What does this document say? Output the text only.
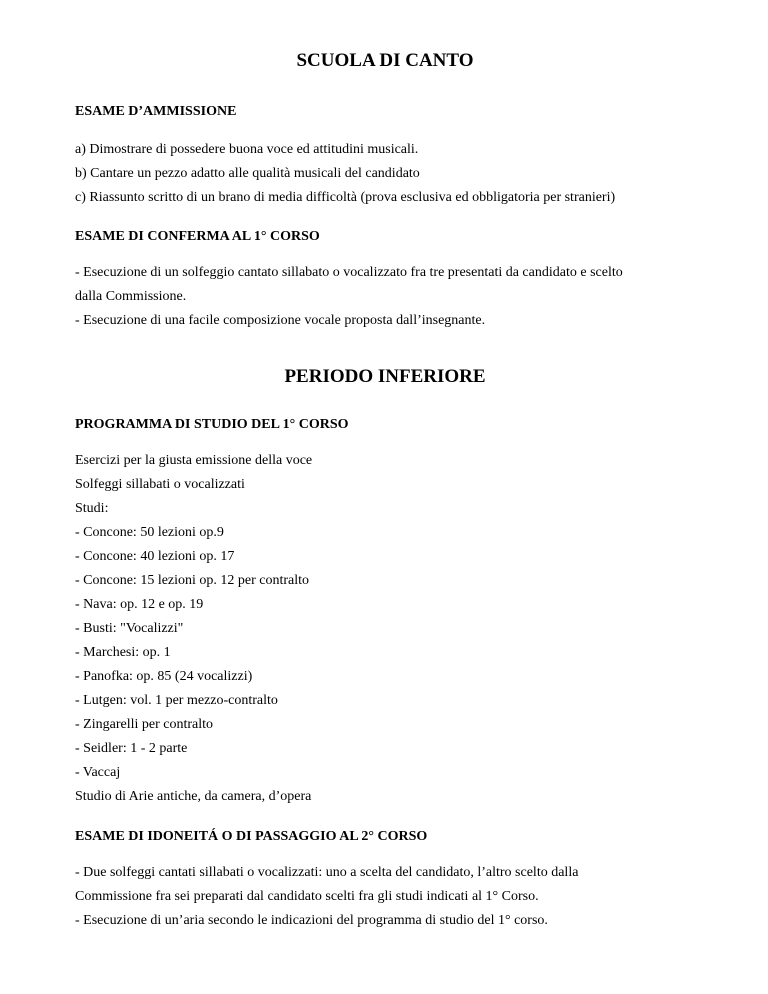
SCUOLA DI CANTO
ESAME D’AMMISSIONE
a) Dimostrare di possedere buona voce ed attitudini musicali.
b) Cantare un pezzo adatto alle qualità musicali del candidato
c) Riassunto scritto di un brano di media difficoltà (prova esclusiva ed obbligatoria per stranieri)
ESAME DI CONFERMA AL 1° CORSO
- Esecuzione di un solfeggio cantato sillabato o vocalizzato fra tre presentati da candidato e scelto
dalla Commissione.
- Esecuzione di una facile composizione vocale proposta dall’insegnante.
PERIODO INFERIORE
PROGRAMMA DI STUDIO DEL 1° CORSO
Esercizi per la giusta emissione della voce
Solfeggi sillabati o vocalizzati
Studi:
- Concone: 50 lezioni op.9
- Concone: 40 lezioni op. 17
- Concone: 15 lezioni op. 12 per contralto
- Nava: op. 12 e op. 19
- Busti: "Vocalizzi"
- Marchesi: op. 1
- Panofka: op. 85 (24 vocalizzi)
- Lutgen: vol. 1 per mezzo-contralto
- Zingarelli per contralto
- Seidler: 1 - 2 parte
- Vaccaj
Studio di Arie antiche, da camera, d’opera
ESAME DI IDONEITÁ O DI PASSAGGIO AL 2° CORSO
- Due solfeggi cantati sillabati o vocalizzati: uno a scelta del candidato, l’altro scelto dalla
Commissione fra sei preparati dal candidato scelti fra gli studi indicati al 1° Corso.
- Esecuzione di un’aria secondo le indicazioni del programma di studio del 1° corso.
